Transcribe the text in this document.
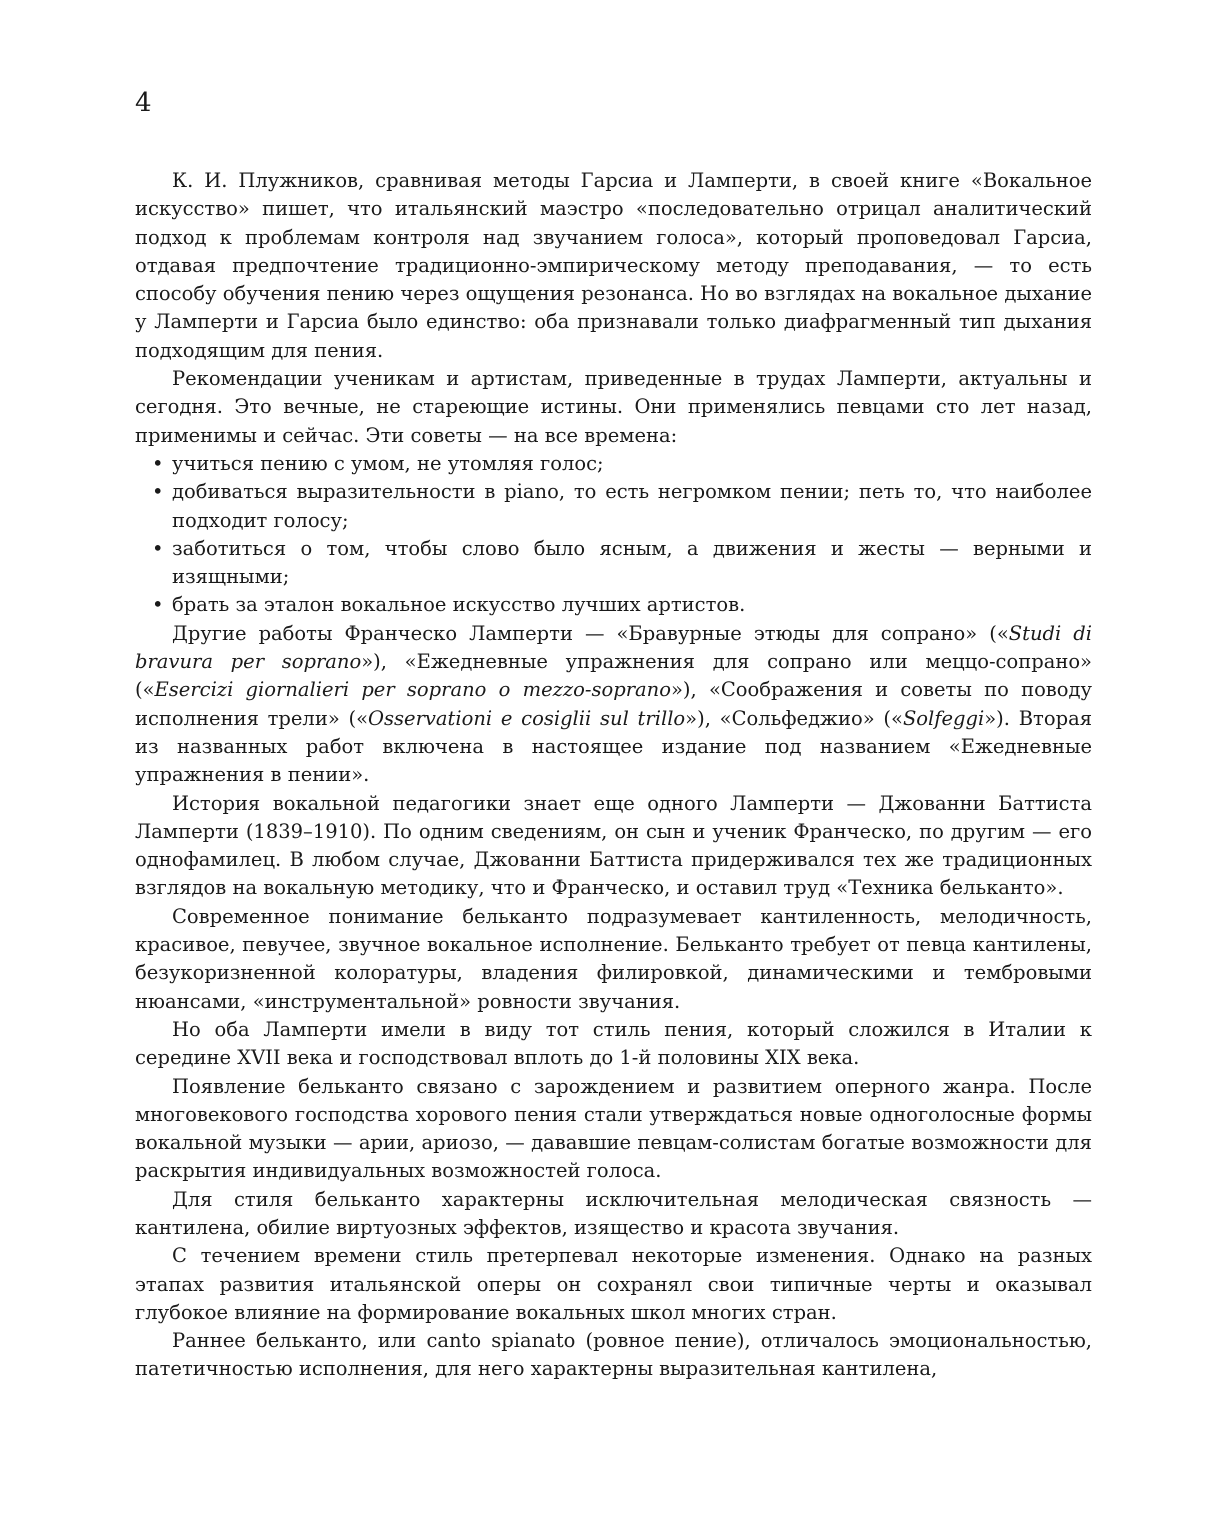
4

К. И. Плужников, сравнивая методы Гарсиа и Ламперти, в своей книге «Вокальное искусство» пишет, что итальянский маэстро «последовательно отрицал аналитический подход к проблемам контроля над звучанием голоса», который проповедовал Гарсиа, отдавая предпочтение традиционно-эмпирическому методу преподавания, — то есть способу обучения пению через ощущения резонанса. Но во взглядах на вокальное дыхание у Ламперти и Гарсиа было единство: оба признавали только диафрагменный тип дыхания подходящим для пения.

Рекомендации ученикам и артистам, приведенные в трудах Ламперти, актуальны и сегодня. Это вечные, не стареющие истины. Они применялись певцами сто лет назад, применимы и сейчас. Эти советы — на все времена:

• учиться пению с умом, не утомляя голос;
• добиваться выразительности в piano, то есть негромком пении; петь то, что наиболее подходит голосу;
• заботиться о том, чтобы слово было ясным, а движения и жесты — верными и изящными;
• брать за эталон вокальное искусство лучших артистов.

Другие работы Франческо Ламперти — «Бравурные этюды для сопрано» («Studi di bravura per soprano»), «Ежедневные упражнения для сопрано или меццо-сопрано» («Esercizi giornalieri per soprano o mezzo-soprano»), «Соображения и советы по поводу исполнения трели» («Osservationi e cosiglii sul trillo»), «Сольфеджио» («Solfeggi»). Вторая из названных работ включена в настоящее издание под названием «Ежедневные упражнения в пении».

История вокальной педагогики знает еще одного Ламперти — Джованни Баттиста Ламперти (1839–1910). По одним сведениям, он сын и ученик Франческо, по другим — его однофамилец. В любом случае, Джованни Баттиста придерживался тех же традиционных взглядов на вокальную методику, что и Франческо, и оставил труд «Техника бельканто».

Современное понимание бельканто подразумевает кантиленность, мелодичность, красивое, певучее, звучное вокальное исполнение. Бельканто требует от певца кантилены, безукоризненной колоратуры, владения филировкой, динамическими и тембровыми нюансами, «инструментальной» ровности звучания.

Но оба Ламперти имели в виду тот стиль пения, который сложился в Италии к середине XVII века и господствовал вплоть до 1-й половины XIX века.

Появление бельканто связано с зарождением и развитием оперного жанра. После многовекового господства хорового пения стали утверждаться новые одноголосные формы вокальной музыки — арии, ариозо, — дававшие певцам-солистам богатые возможности для раскрытия индивидуальных возможностей голоса.

Для стиля бельканто характерны исключительная мелодическая связность — кантилена, обилие виртуозных эффектов, изящество и красота звучания.

С течением времени стиль претерпевал некоторые изменения. Однако на разных этапах развития итальянской оперы он сохранял свои типичные черты и оказывал глубокое влияние на формирование вокальных школ многих стран.

Раннее бельканто, или canto spianato (ровное пение), отличалось эмоциональностью, патетичностью исполнения, для него характерны выразительная кантилена,
